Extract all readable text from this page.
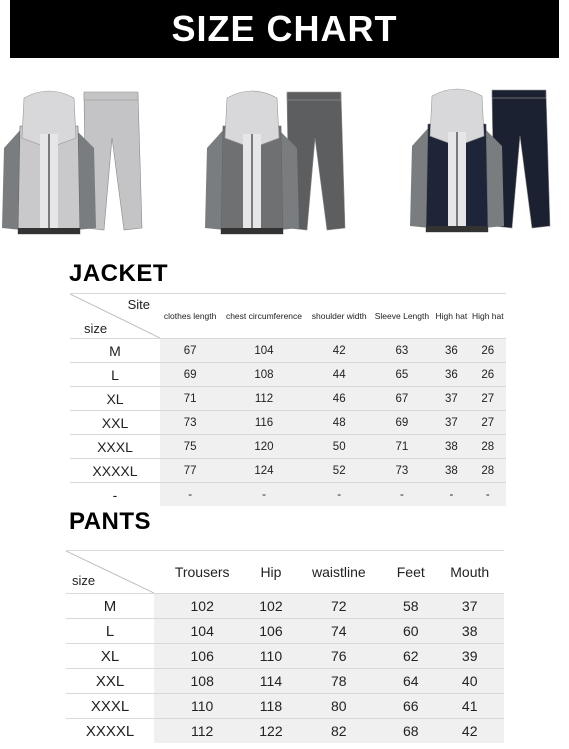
SIZE CHART
JACKET
Site
size	clothes length	chest circumference	shoulder width	Sleeve Length	High hat	High hat
M	67	104	42	63	36	26
L	69	108	44	65	36	26
XL	71	112	46	67	37	27
XXL	73	116	48	69	37	27
XXXL	75	120	50	71	38	28
XXXXL	77	124	52	73	38	28
-	-	-	-	-	-	-
PANTS
size	Trousers	Hip	waistline	Feet	Mouth
M	102	102	72	58	37
L	104	106	74	60	38
XL	106	110	76	62	39
XXL	108	114	78	64	40
XXXL	110	118	80	66	41
XXXXL	112	122	82	68	42
